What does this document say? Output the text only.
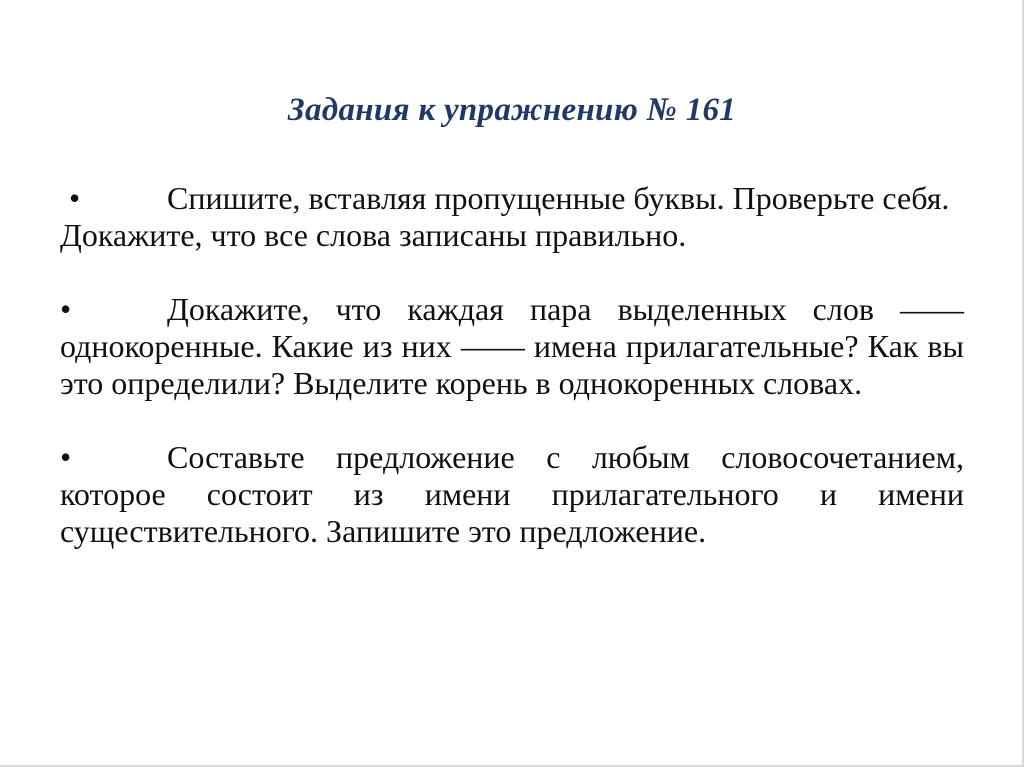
Задания к упражнению № 161
•	Спишите, вставляя пропущенные буквы. Проверьте себя. Докажите, что все слова записаны правильно.
•	Докажите, что каждая пара выделенных слов —— однокоренные. Какие из них —— имена прилагательные? Как вы это определили? Выделите корень в однокоренных словах.
•	Составьте предложение с любым словосочетанием, которое состоит из имени прилагательного и имени существительного. Запишите это предложение.
